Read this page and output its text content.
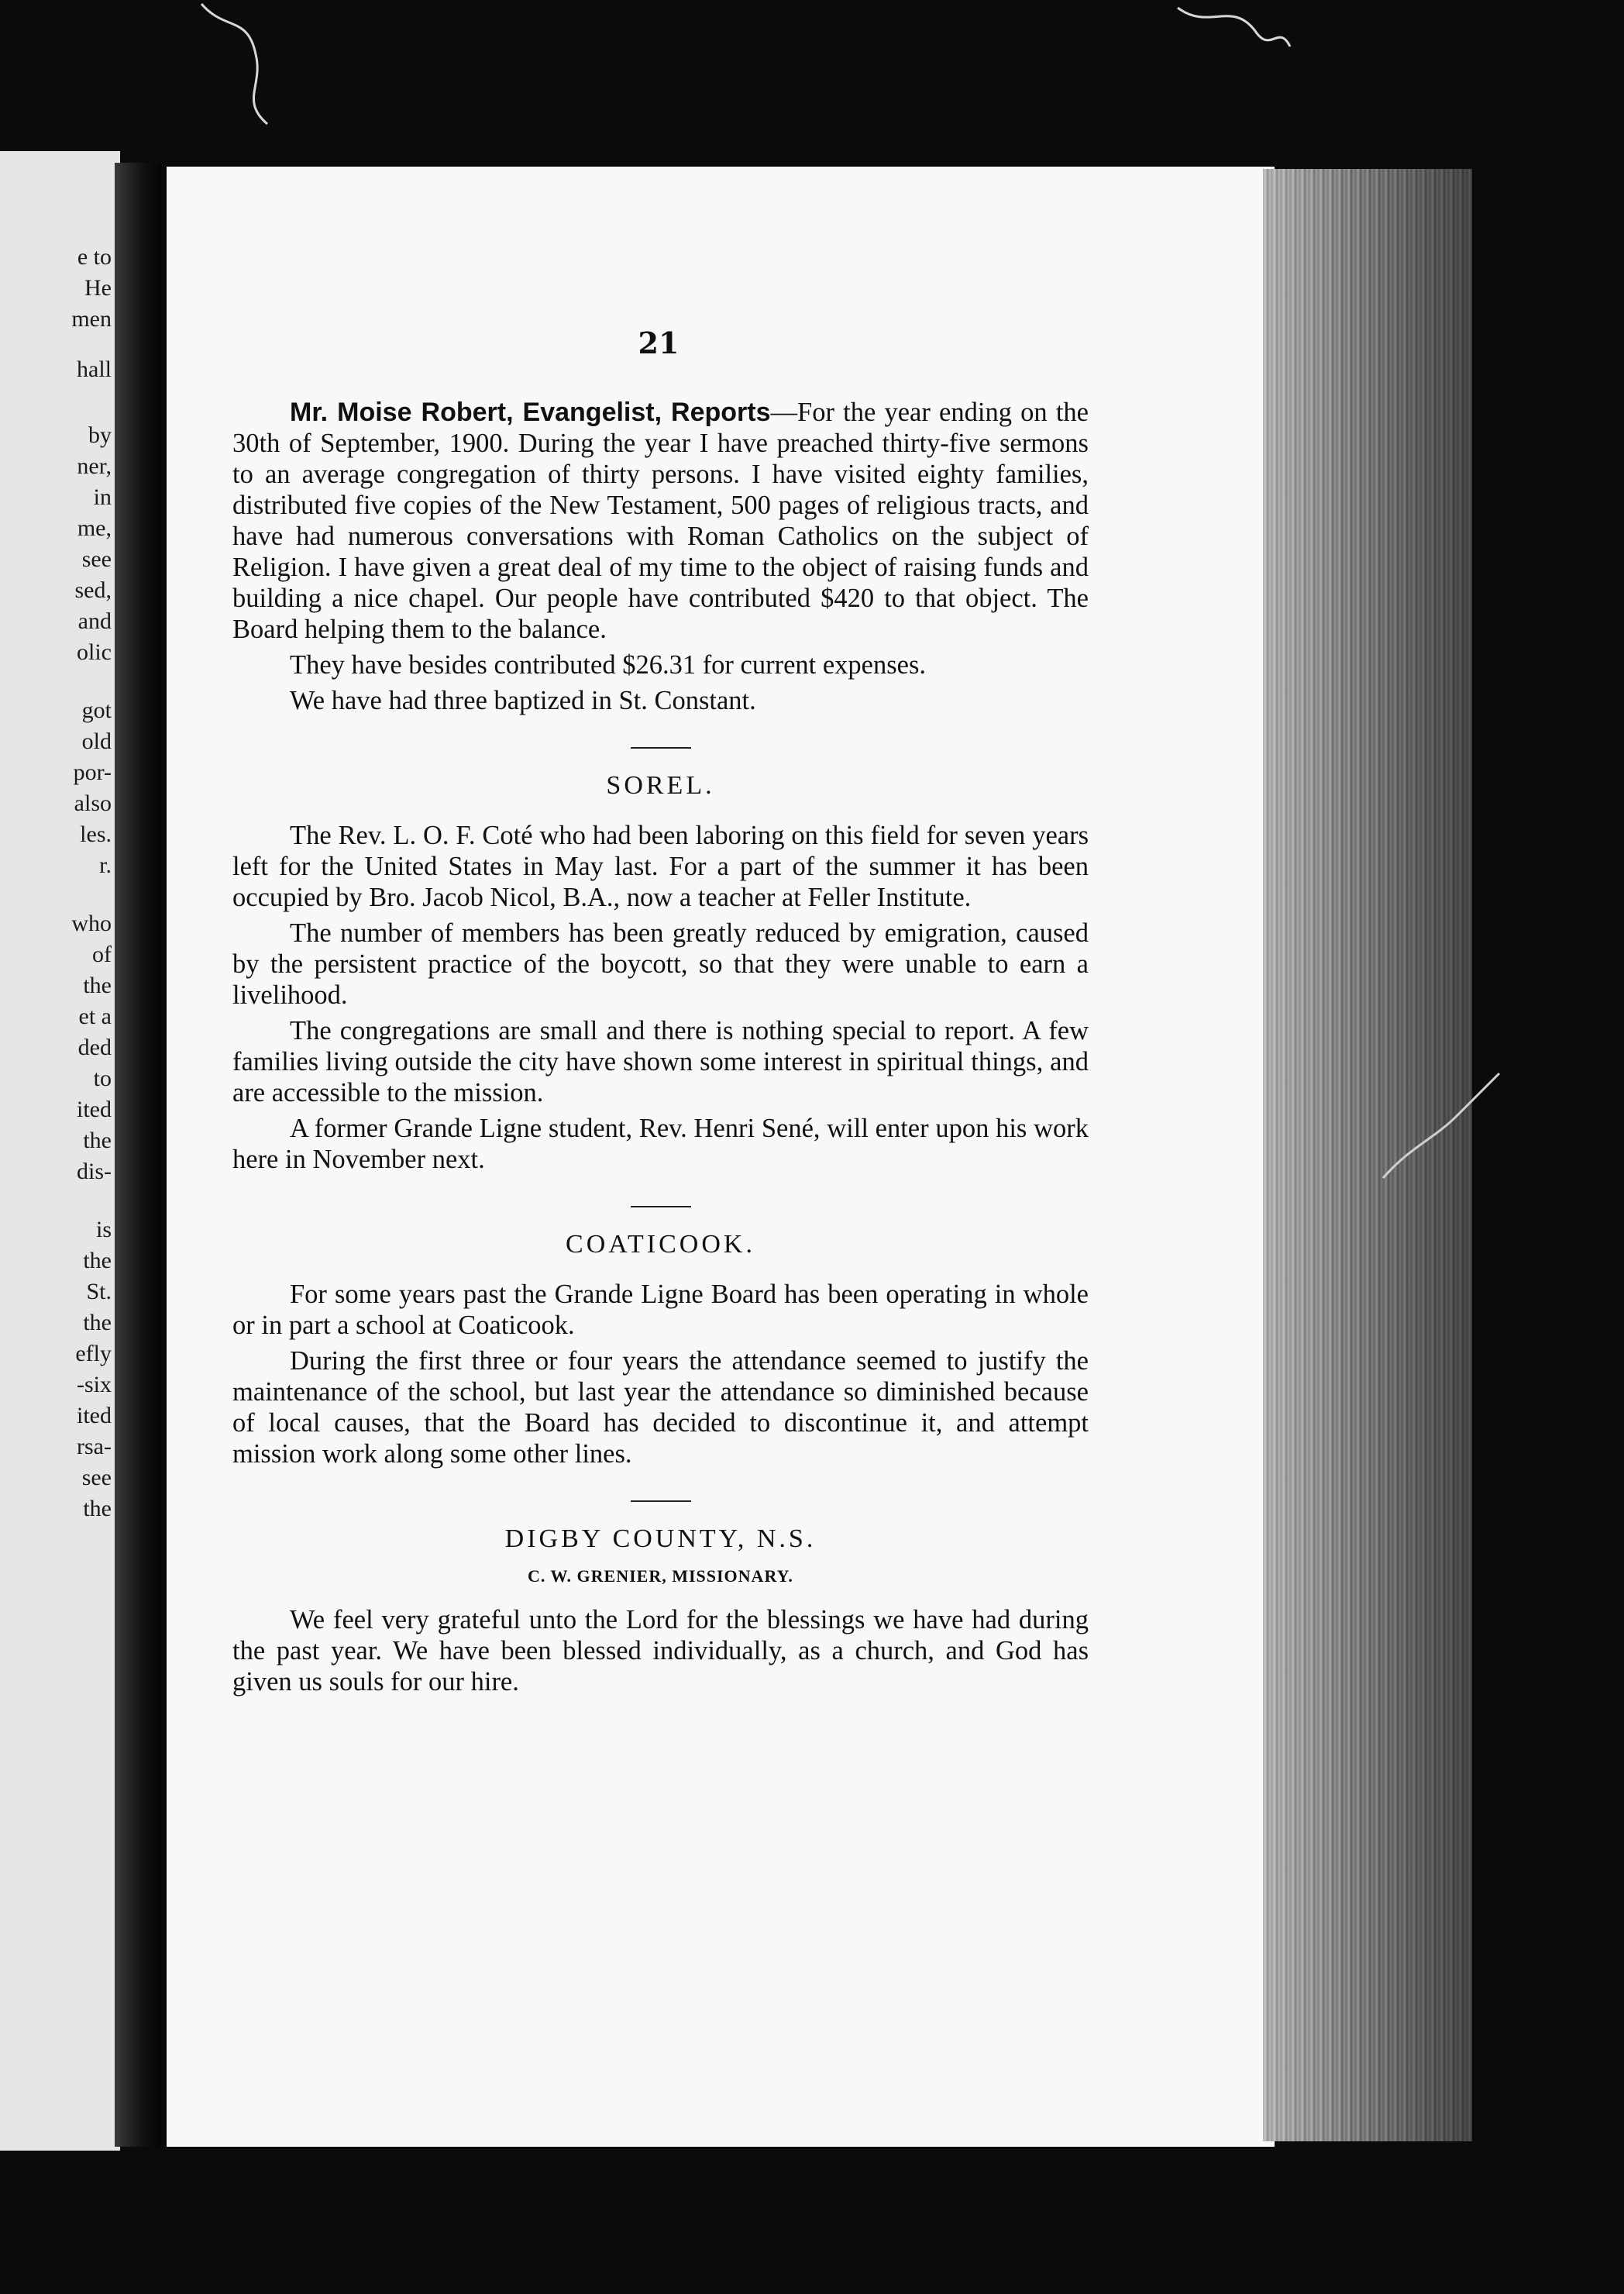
e to
He
men
hall
by
ner,
in
me,
see
sed,
and
olic
got
old
por-
also
les.
r.
who
of
the
et a
ded
to
ited
the
dis-
is
the
St.
the
efly
-six
ited
rsa-
see
the
21

Mr. Moise Robert, Evangelist, Reports—For the year ending on the 30th of September, 1900. During the year I have preached thirty-five sermons to an average congregation of thirty persons. I have visited eighty families, distributed five copies of the New Testament, 500 pages of religious tracts, and have had numerous conversations with Roman Catholics on the subject of Religion. I have given a great deal of my time to the object of raising funds and building a nice chapel. Our people have contributed $420 to that object. The Board helping them to the balance.

They have besides contributed $26.31 for current expenses.

We have had three baptized in St. Constant.

SOREL.

The Rev. L. O. F. Coté who had been laboring on this field for seven years left for the United States in May last. For a part of the summer it has been occupied by Bro. Jacob Nicol, B.A., now a teacher at Feller Institute.

The number of members has been greatly reduced by emigration, caused by the persistent practice of the boycott, so that they were unable to earn a livelihood.

The congregations are small and there is nothing special to report. A few families living outside the city have shown some interest in spiritual things, and are accessible to the mission.

A former Grande Ligne student, Rev. Henri Sené, will enter upon his work here in November next.

COATICOOK.

For some years past the Grande Ligne Board has been operating in whole or in part a school at Coaticook.

During the first three or four years the attendance seemed to justify the maintenance of the school, but last year the attendance so diminished because of local causes, that the Board has decided to discontinue it, and attempt mission work along some other lines.

DIGBY COUNTY, N.S.
C. W. GRENIER, MISSIONARY.

We feel very grateful unto the Lord for the blessings we have had during the past year. We have been blessed individually, as a church, and God has given us souls for our hire.
